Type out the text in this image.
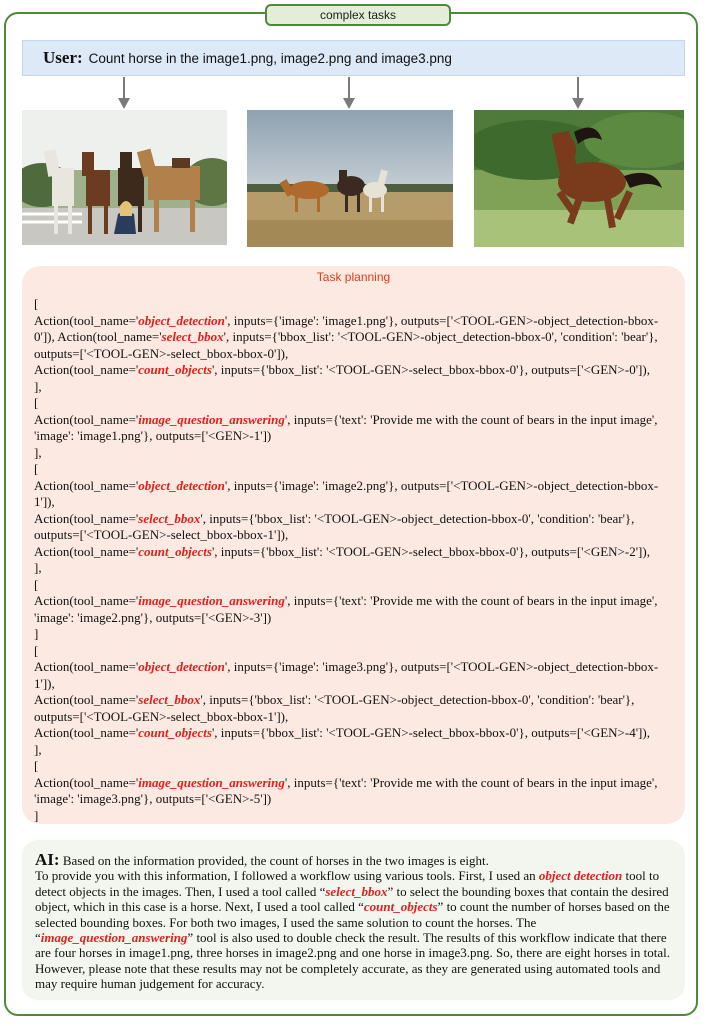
complex tasks
User: Count horse in the image1.png, image2.png and image3.png
Task planning
[
Action(tool_name='object_detection', inputs={'image': 'image1.png'}, outputs=['<TOOL-GEN>-object_detection-bbox-
0']), Action(tool_name='select_bbox', inputs={'bbox_list': '<TOOL-GEN>-object_detection-bbox-0', 'condition': 'bear'},
outputs=['<TOOL-GEN>-select_bbox-bbox-0']),
Action(tool_name='count_objects', inputs={'bbox_list': '<TOOL-GEN>-select_bbox-bbox-0'}, outputs=['<GEN>-0']),
],
[
Action(tool_name='image_question_answering', inputs={'text': 'Provide me with the count of bears in the input image',
'image': 'image1.png'}, outputs=['<GEN>-1'])
],
[
Action(tool_name='object_detection', inputs={'image': 'image2.png'}, outputs=['<TOOL-GEN>-object_detection-bbox-
1']),
Action(tool_name='select_bbox', inputs={'bbox_list': '<TOOL-GEN>-object_detection-bbox-0', 'condition': 'bear'},
outputs=['<TOOL-GEN>-select_bbox-bbox-1']),
Action(tool_name='count_objects', inputs={'bbox_list': '<TOOL-GEN>-select_bbox-bbox-0'}, outputs=['<GEN>-2']),
],
[
Action(tool_name='image_question_answering', inputs={'text': 'Provide me with the count of bears in the input image',
'image': 'image2.png'}, outputs=['<GEN>-3'])
]
[
Action(tool_name='object_detection', inputs={'image': 'image3.png'}, outputs=['<TOOL-GEN>-object_detection-bbox-
1']),
Action(tool_name='select_bbox', inputs={'bbox_list': '<TOOL-GEN>-object_detection-bbox-0', 'condition': 'bear'},
outputs=['<TOOL-GEN>-select_bbox-bbox-1']),
Action(tool_name='count_objects', inputs={'bbox_list': '<TOOL-GEN>-select_bbox-bbox-0'}, outputs=['<GEN>-4']),
],
[
Action(tool_name='image_question_answering', inputs={'text': 'Provide me with the count of bears in the input image',
'image': 'image3.png'}, outputs=['<GEN>-5'])
]
AI: Based on the information provided, the count of horses in the two images is eight.
To provide you with this information, I followed a workflow using various tools. First, I used an object detection tool to detect objects in the images. Then, I used a tool called “select_bbox” to select the bounding boxes that contain the desired object, which in this case is a horse. Next, I used a tool called “count_objects” to count the number of horses based on the selected bounding boxes. For both two images, I used the same solution to count the horses. The “image_question_answering” tool is also used to double check the result. The results of this workflow indicate that there are four horses in image1.png, three horses in image2.png and one horse in image3.png. So, there are eight horses in total. However, please note that these results may not be completely accurate, as they are generated using automated tools and may require human judgement for accuracy.
